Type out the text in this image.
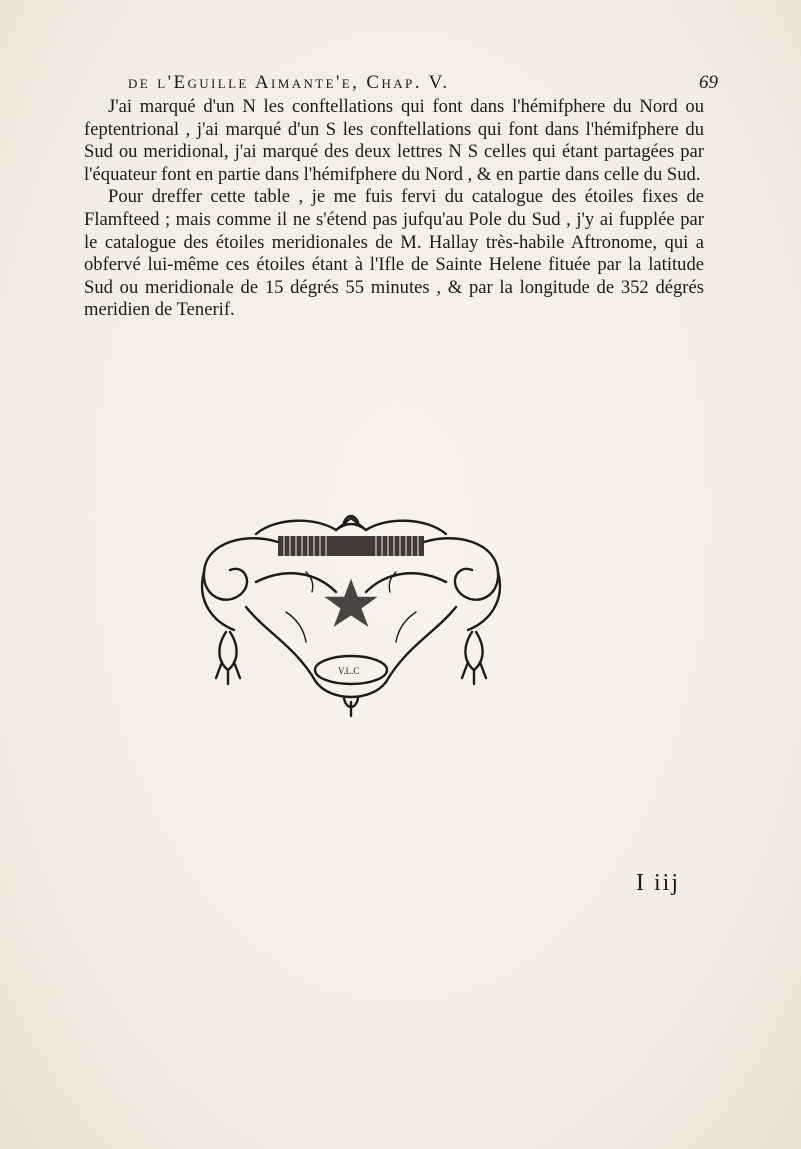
de l'Eguille Aimante'e, Chap. V.	69

J'ai marqué d'un N les conftellations qui font dans l'hémifphere du Nord ou feptentrional , j'ai marqué d'un S les conftellations qui font dans l'hémifphere du Sud ou meridional, j'ai marqué des deux lettres N S celles qui étant partagées par l'équateur font en partie dans l'hémifphere du Nord , & en partie dans celle du Sud.

Pour dreffer cette table , je me fuis fervi du catalogue des étoiles fixes de Flamfteed ; mais comme il ne s'étend pas jufqu'au Pole du Sud , j'y ai fupplée par le catalogue des étoiles meridionales de M. Hallay très-habile Aftronome, qui a obfervé lui-même ces étoiles étant à l'Ifle de Sainte Helene fituée par la latitude Sud ou meridionale de 15 dégrés 55 minutes , & par la longitude de 352 dégrés meridien de Tenerif.

V.L.C
I iij
